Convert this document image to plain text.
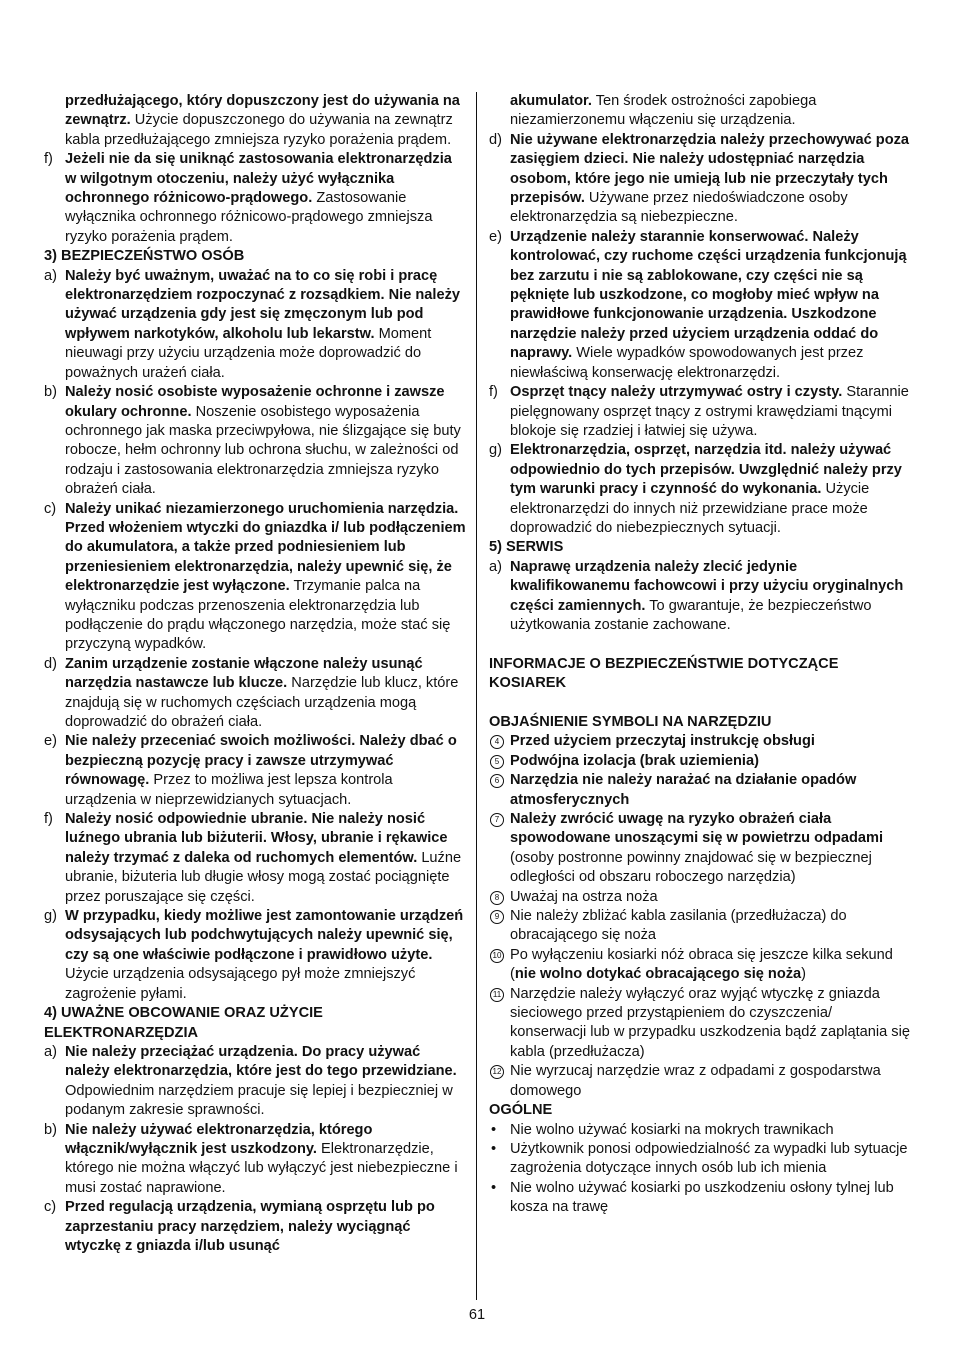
przedłużającego, który dopuszczony jest do używania na zewnątrz. Użycie dopuszczonego do używania na zewnątrz kabla przedłużającego zmniejsza ryzyko porażenia prądem.

f) Jeżeli nie da się uniknąć zastosowania elektronarzędzia w wilgotnym otoczeniu, należy użyć wyłącznika ochronnego różnicowo-prądowego. Zastosowanie wyłącznika ochronnego różnicowo-prądowego zmniejsza ryzyko porażenia prądem.

3) BEZPIECZEŃSTWO OSÓB

a) Należy być uważnym, uważać na to co się robi i pracę elektronarzędziem rozpoczynać z rozsądkiem. Nie należy używać urządzenia gdy jest się zmęczonym lub pod wpływem narkotyków, alkoholu lub lekarstw. Moment nieuwagi przy użyciu urządzenia może doprowadzić do poważnych urażeń ciała.

b) Należy nosić osobiste wyposażenie ochronne i zawsze okulary ochronne. Noszenie osobistego wyposażenia ochronnego jak maska przeciwpyłowa, nie ślizgające się buty robocze, hełm ochronny lub ochrona słuchu, w zależności od rodzaju i zastosowania elektronarzędzia zmniejsza ryzyko obrażeń ciała.

c) Należy unikać niezamierzonego uruchomienia narzędzia. Przed włożeniem wtyczki do gniazdka i/ lub podłączeniem do akumulatora, a także przed podniesieniem lub przeniesieniem elektronarzędzia, należy upewnić się, że elektronarzędzie jest wyłączone. Trzymanie palca na wyłączniku podczas przenoszenia elektronarzędzia lub podłączenie do prądu włączonego narzędzia, może stać się przyczyną wypadków.

d) Zanim urządzenie zostanie włączone należy usunąć narzędzia nastawcze lub klucze. Narzędzie lub klucz, które znajdują się w ruchomych częściach urządzenia mogą doprowadzić do obrażeń ciała.

e) Nie należy przeceniać swoich możliwości. Należy dbać o bezpieczną pozycję pracy i zawsze utrzymywać równowagę. Przez to możliwa jest lepsza kontrola urządzenia w nieprzewidzianych sytuacjach.

f) Należy nosić odpowiednie ubranie. Nie należy nosić luźnego ubrania lub biżuterii. Włosy, ubranie i rękawice należy trzymać z daleka od ruchomych elementów. Luźne ubranie, biżuteria lub długie włosy mogą zostać pociągnięte przez poruszające się części.

g) W przypadku, kiedy możliwe jest zamontowanie urządzeń odsysających lub podchwytujących należy upewnić się, czy są one właściwie podłączone i prawidłowo użyte. Użycie urządzenia odsysającego pył może zmniejszyć zagrożenie pyłami.

4) UWAŻNE OBCOWANIE ORAZ UŻYCIE ELEKTRONARZĘDZIA

a) Nie należy przeciążać urządzenia. Do pracy używać należy elektronarzędzia, które jest do tego przewidziane. Odpowiednim narzędziem pracuje się lepiej i bezpieczniej w podanym zakresie sprawności.

b) Nie należy używać elektronarzędzia, którego włącznik/wyłącznik jest uszkodzony. Elektronarzędzie, którego nie można włączyć lub wyłączyć jest niebezpieczne i musi zostać naprawione.

c) Przed regulacją urządzenia, wymianą osprzętu lub po zaprzestaniu pracy narzędziem, należy wyciągnąć wtyczkę z gniazda i/lub usunąć

akumulator. Ten środek ostrożności zapobiega niezamierzonemu włączeniu się urządzenia.

d) Nie używane elektronarzędzia należy przechowywać poza zasięgiem dzieci. Nie należy udostępniać narzędzia osobom, które jego nie umieją lub nie przeczytały tych przepisów. Używane przez niedoświadczone osoby elektronarzędzia są niebezpieczne.

e) Urządzenie należy starannie konserwować. Należy kontrolować, czy ruchome części urządzenia funkcjonują bez zarzutu i nie są zablokowane, czy części nie są pęknięte lub uszkodzone, co mogłoby mieć wpływ na prawidłowe funkcjonowanie urządzenia. Uszkodzone narzędzie należy przed użyciem urządzenia oddać do naprawy. Wiele wypadków spowodowanych jest przez niewłaściwą konserwację elektronarzędzi.

f) Osprzęt tnący należy utrzymywać ostry i czysty. Starannie pielęgnowany osprzęt tnący z ostrymi krawędziami tnącymi blokoje się rzadziej i łatwiej się używa.

g) Elektronarzędzia, osprzęt, narzędzia itd. należy używać odpowiednio do tych przepisów. Uwzględnić należy przy tym warunki pracy i czynność do wykonania. Użycie elektronarzędzi do innych niż przewidziane prace może doprowadzić do niebezpiecznych sytuacji.

5) SERWIS

a) Naprawę urządzenia należy zlecić jedynie kwalifikowanemu fachowcowi i przy użyciu oryginalnych części zamiennych. To gwarantuje, że bezpieczeństwo użytkowania zostanie zachowane.

INFORMACJE O BEZPIECZEŃSTWIE DOTYCZĄCE KOSIAREK

OBJAŚNIENIE SYMBOLI NA NARZĘDZIU

4 Przed użyciem przeczytaj instrukcję obsługi

5 Podwójna izolacja (brak uziemienia)

6 Narzędzia nie należy narażać na działanie opadów atmosferycznych

7 Należy zwrócić uwagę na ryzyko obrażeń ciała spowodowane unoszącymi się w powietrzu odpadami (osoby postronne powinny znajdować się w bezpiecznej odległości od obszaru roboczego narzędzia)

8 Uważaj na ostrza noża

9 Nie należy zbliżać kabla zasilania (przedłużacza) do obracającego się noża

10 Po wyłączeniu kosiarki nóż obraca się jeszcze kilka sekund (nie wolno dotykać obracającego się noża)

11 Narzędzie należy wyłączyć oraz wyjąć wtyczkę z gniazda sieciowego przed przystąpieniem do czyszczenia/ konserwacji lub w przypadku uszkodzenia bądź zaplątania się kabla (przedłużacza)

12 Nie wyrzucaj narzędzie wraz z odpadami z gospodarstwa domowego

OGÓLNE

• Nie wolno używać kosiarki na mokrych trawnikach

• Użytkownik ponosi odpowiedzialność za wypadki lub sytuacje zagrożenia dotyczące innych osób lub ich mienia

• Nie wolno używać kosiarki po uszkodzeniu osłony tylnej lub kosza na trawę

61
